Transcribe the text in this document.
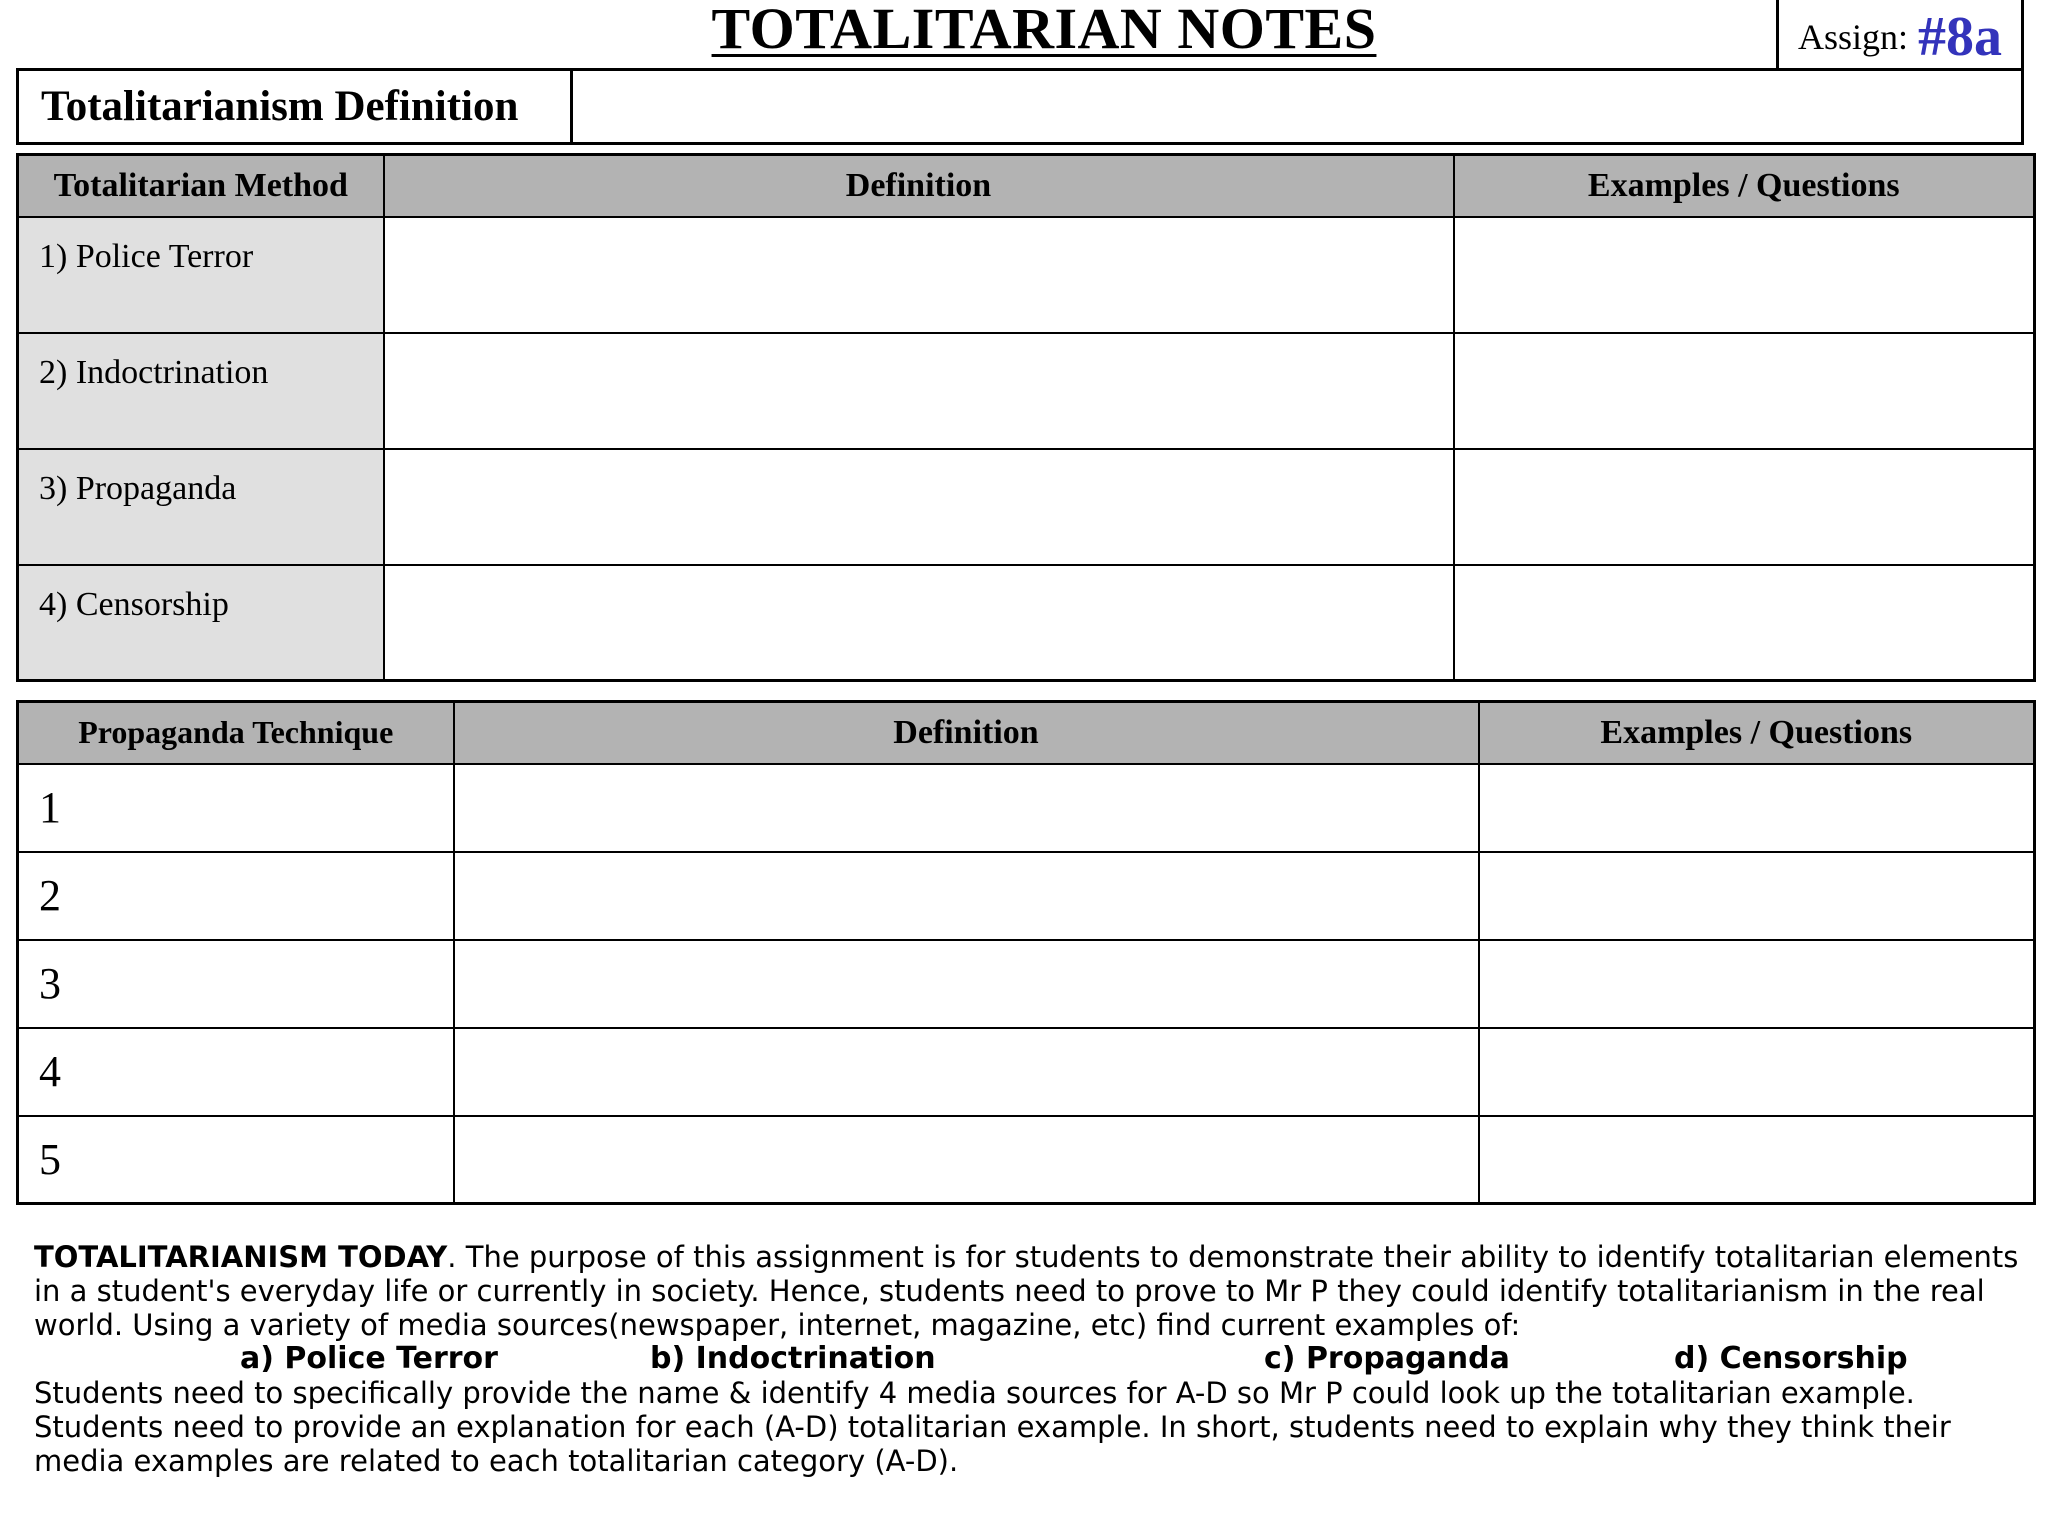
TOTALITARIAN NOTES	Assign: #8a
Totalitarianism Definition
Totalitarian Method	Definition	Examples / Questions
1) Police Terror		
2) Indoctrination		
3) Propaganda		
4) Censorship		
Propaganda Technique	Definition	Examples / Questions
1		
2		
3		
4		
5		

TOTALITARIANISM TODAY. The purpose of this assignment is for students to demonstrate their ability to identify totalitarian elements in a student's everyday life or currently in society. Hence, students need to prove to Mr P they could identify totalitarianism in the real world. Using a variety of media sources(newspaper, internet, magazine, etc) find current examples of:

a) Police Terror	b) Indoctrination	c) Propaganda	d) Censorship

Students need to specifically provide the name & identify 4 media sources for A-D so Mr P could look up the totalitarian example. Students need to provide an explanation for each (A-D) totalitarian example. In short, students need to explain why they think their media examples are related to each totalitarian category (A-D).
